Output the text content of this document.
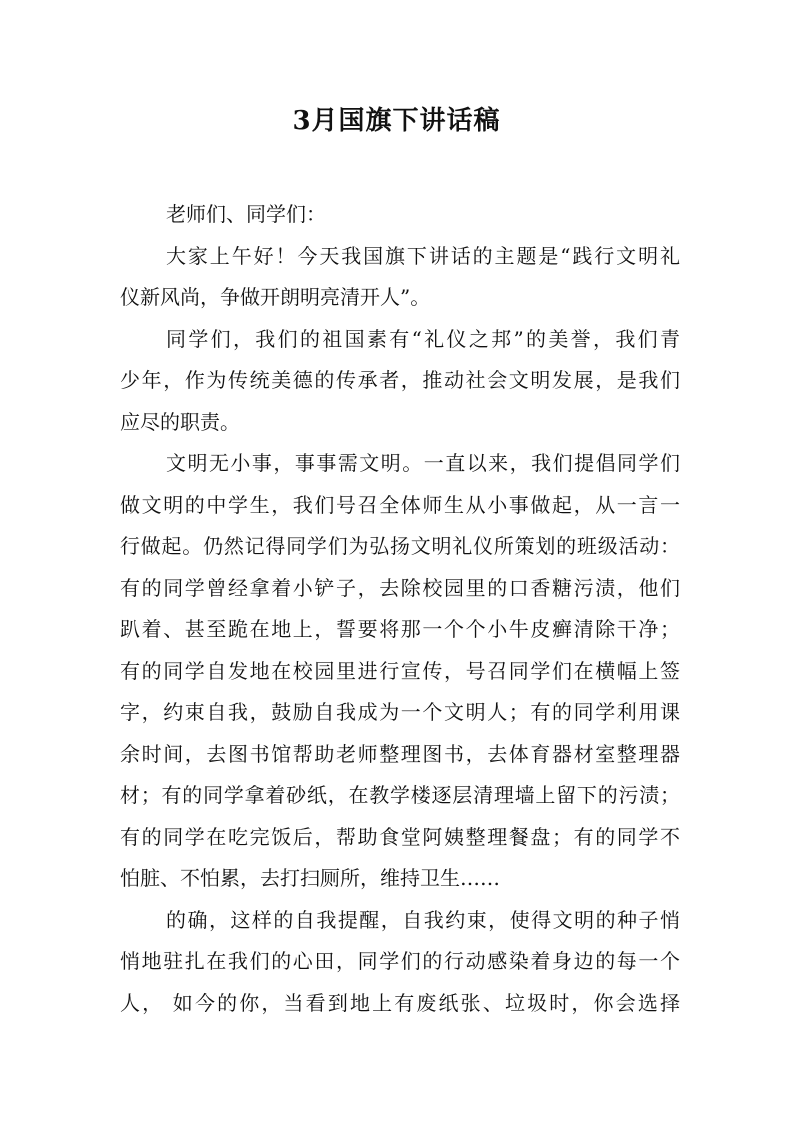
3月国旗下讲话稿
老师们、同学们：
大家上午好！今天我国旗下讲话的主题是“践行文明礼
仪新风尚，争做开朗明亮清开人”。
同学们，我们的祖国素有“礼仪之邦”的美誉，我们青
少年，作为传统美德的传承者，推动社会文明发展，是我们
应尽的职责。
文明无小事，事事需文明。一直以来，我们提倡同学们
做文明的中学生，我们号召全体师生从小事做起，从一言一
行做起。仍然记得同学们为弘扬文明礼仪所策划的班级活动：
有的同学曾经拿着小铲子，去除校园里的口香糖污渍，他们
趴着、甚至跪在地上，誓要将那一个个小牛皮癣清除干净；
有的同学自发地在校园里进行宣传，号召同学们在横幅上签
字，约束自我，鼓励自我成为一个文明人；有的同学利用课
余时间，去图书馆帮助老师整理图书，去体育器材室整理器
材；有的同学拿着砂纸，在教学楼逐层清理墙上留下的污渍；
有的同学在吃完饭后，帮助食堂阿姨整理餐盘；有的同学不
怕脏、不怕累，去打扫厕所，维持卫生……
的确，这样的自我提醒，自我约束，使得文明的种子悄
悄地驻扎在我们的心田，同学们的行动感染着身边的每一个
人， 如今的你，当看到地上有废纸张、垃圾时，你会选择
